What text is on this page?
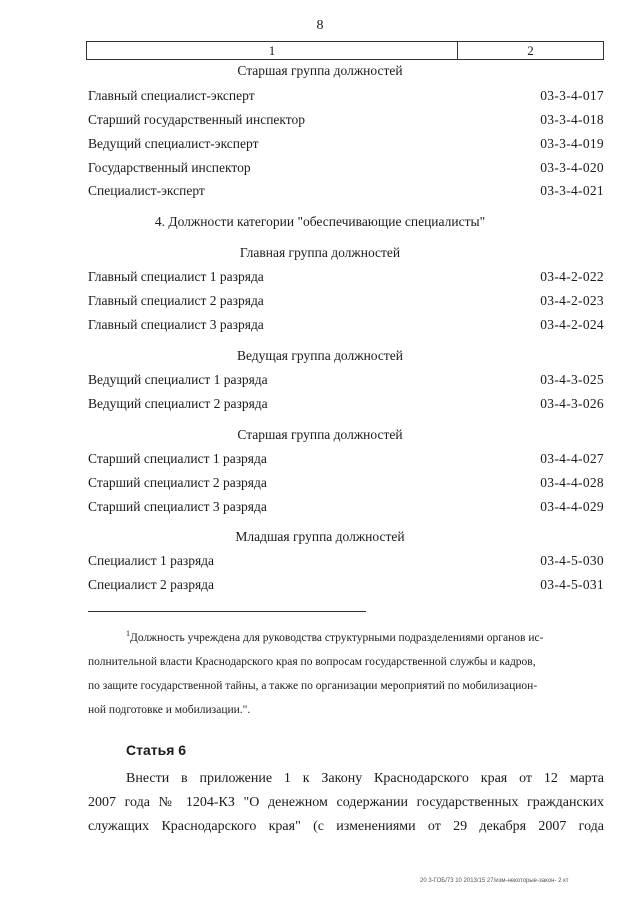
8
1	2
Старшая группа должностей
Главный специалист-эксперт	03-3-4-017
Старший государственный инспектор	03-3-4-018
Ведущий специалист-эксперт	03-3-4-019
Государственный инспектор	03-3-4-020
Специалист-эксперт	03-3-4-021
4. Должности категории "обеспечивающие специалисты"
Главная группа должностей
Главный специалист 1 разряда	03-4-2-022
Главный специалист 2 разряда	03-4-2-023
Главный специалист 3 разряда	03-4-2-024
Ведущая группа должностей
Ведущий специалист 1 разряда	03-4-3-025
Ведущий специалист 2 разряда	03-4-3-026
Старшая группа должностей
Старший специалист 1 разряда	03-4-4-027
Старший специалист 2 разряда	03-4-4-028
Старший специалист 3 разряда	03-4-4-029
Младшая группа должностей
Специалист 1 разряда	03-4-5-030
Специалист 2 разряда	03-4-5-031
$^1$Должность учреждена для руководства структурными подразделениями органов ис-
полнительной власти Краснодарского края по вопросам государственной службы и кадров,
по защите государственной тайны, а также по организации мероприятий по мобилизацион-
ной подготовке и мобилизации.".
Статья 6
Внести в приложение 1 к Закону Краснодарского края от 12 марта
2007 года № 1204-КЗ "О денежном содержании государственных гражданских
служащих Краснодарского края" (с изменениями от 29 декабря 2007 года
20 3-ГОБ/73 10 2013/15 27/изм-некоторые-закон- 2 кт
